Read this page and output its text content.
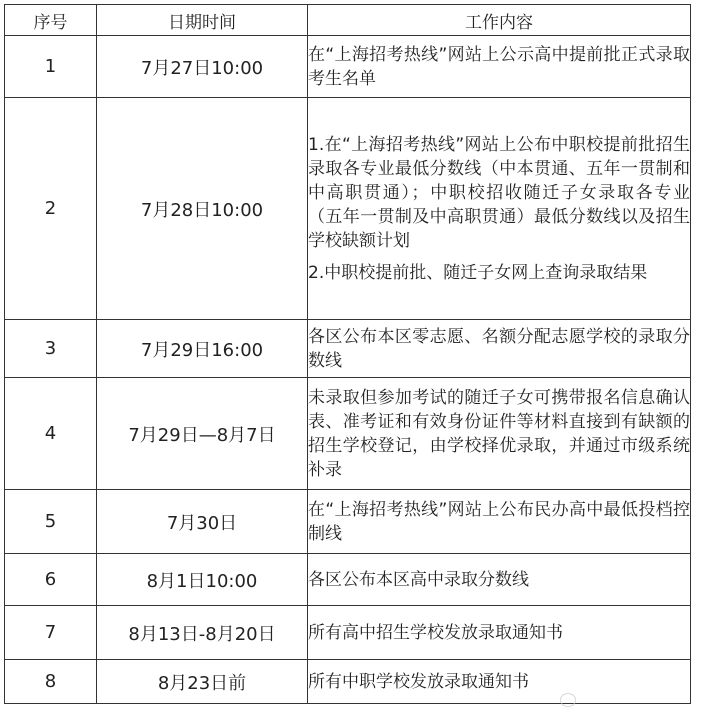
序号	日期时间	工作内容
1	7月27日10:00	在“上海招考热线”网站上公示高中提前批正式录取考生名单

2	7月28日10:00	1.在“上海招考热线”网站上公布中职校提前批招生录取各专业最低分数线（中本贯通、五年一贯制和中高职贯通）；中职校招收随迁子女录取各专业（五年一贯制及中高职贯通）最低分数线以及招生学校缺额计划
2.中职校提前批、随迁子女网上查询录取结果

3	7月29日16:00	各区公布本区零志愿、名额分配志愿学校的录取分数线

4	7月29日—8月7日	未录取但参加考试的随迁子女可携带报名信息确认表、准考证和有效身份证件等材料直接到有缺额的招生学校登记，由学校择优录取，并通过市级系统补录

5	7月30日	在“上海招考热线”网站上公布民办高中最低投档控制线

6	8月1日10:00	各区公布本区高中录取分数线

7	8月13日-8月20日	所有高中招生学校发放录取通知书

8	8月23日前	所有中职学校发放录取通知书
